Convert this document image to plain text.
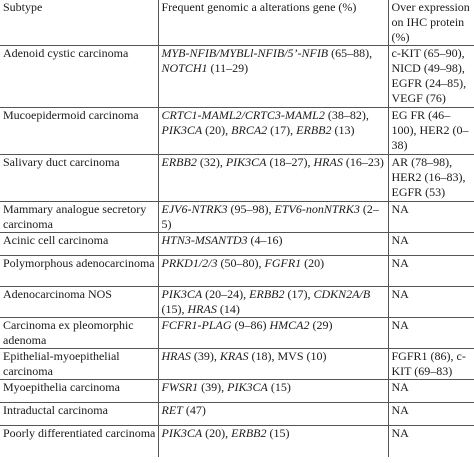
Subtype	Frequent genomic a alterations gene (%)	Over expression on IHC protein (%)
Adenoid cystic carcinoma	MYB-NFIB/MYBLl-NFIB/5’-NFIB (65–88), NOTCH1 (11–29)	c-KIT (65–90), NICD (49–98), EGFR (24–85), VEGF (76)
Mucoepidermoid carcinoma	CRTC1-MAML2/CRTC3-MAML2 (38–82), PIK3CA (20), BRCA2 (17), ERBB2 (13)	EG FR (46–100), HER2 (0–38)
Salivary duct carcinoma	ERBB2 (32), PIK3CA (18–27), HRAS (16–23)	AR (78–98), HER2 (16–83), EGFR (53)
Mammary analogue secretory carcinoma	EJV6-NTRK3 (95–98), ETV6-nonNTRK3 (2–5)	NA
Acinic cell carcinoma	HTN3-MSANTD3 (4–16)	NA
Polymorphous adenocarcinoma	PRKD1/2/3 (50–80), FGFR1 (20)	NA
Adenocarcinoma NOS	PIK3CA (20–24), ERBB2 (17), CDKN2A/B (15), HRAS (14)	NA
Carcinoma ex pleomorphic adenoma	FCFR1-PLAG (9–86) HMCA2 (29)	NA
Epithelial-myoepithelial carcinoma	HRAS (39), KRAS (18), MVS (10)	FGFR1 (86), c-KIT (69–83)
Myoepithelia carcinoma	FWSR1 (39), PIK3CA (15)	NA
Intraductal carcinoma	RET (47)	NA
Poorly differentiated carcinoma	PIK3CA (20), ERBB2 (15)	NA
